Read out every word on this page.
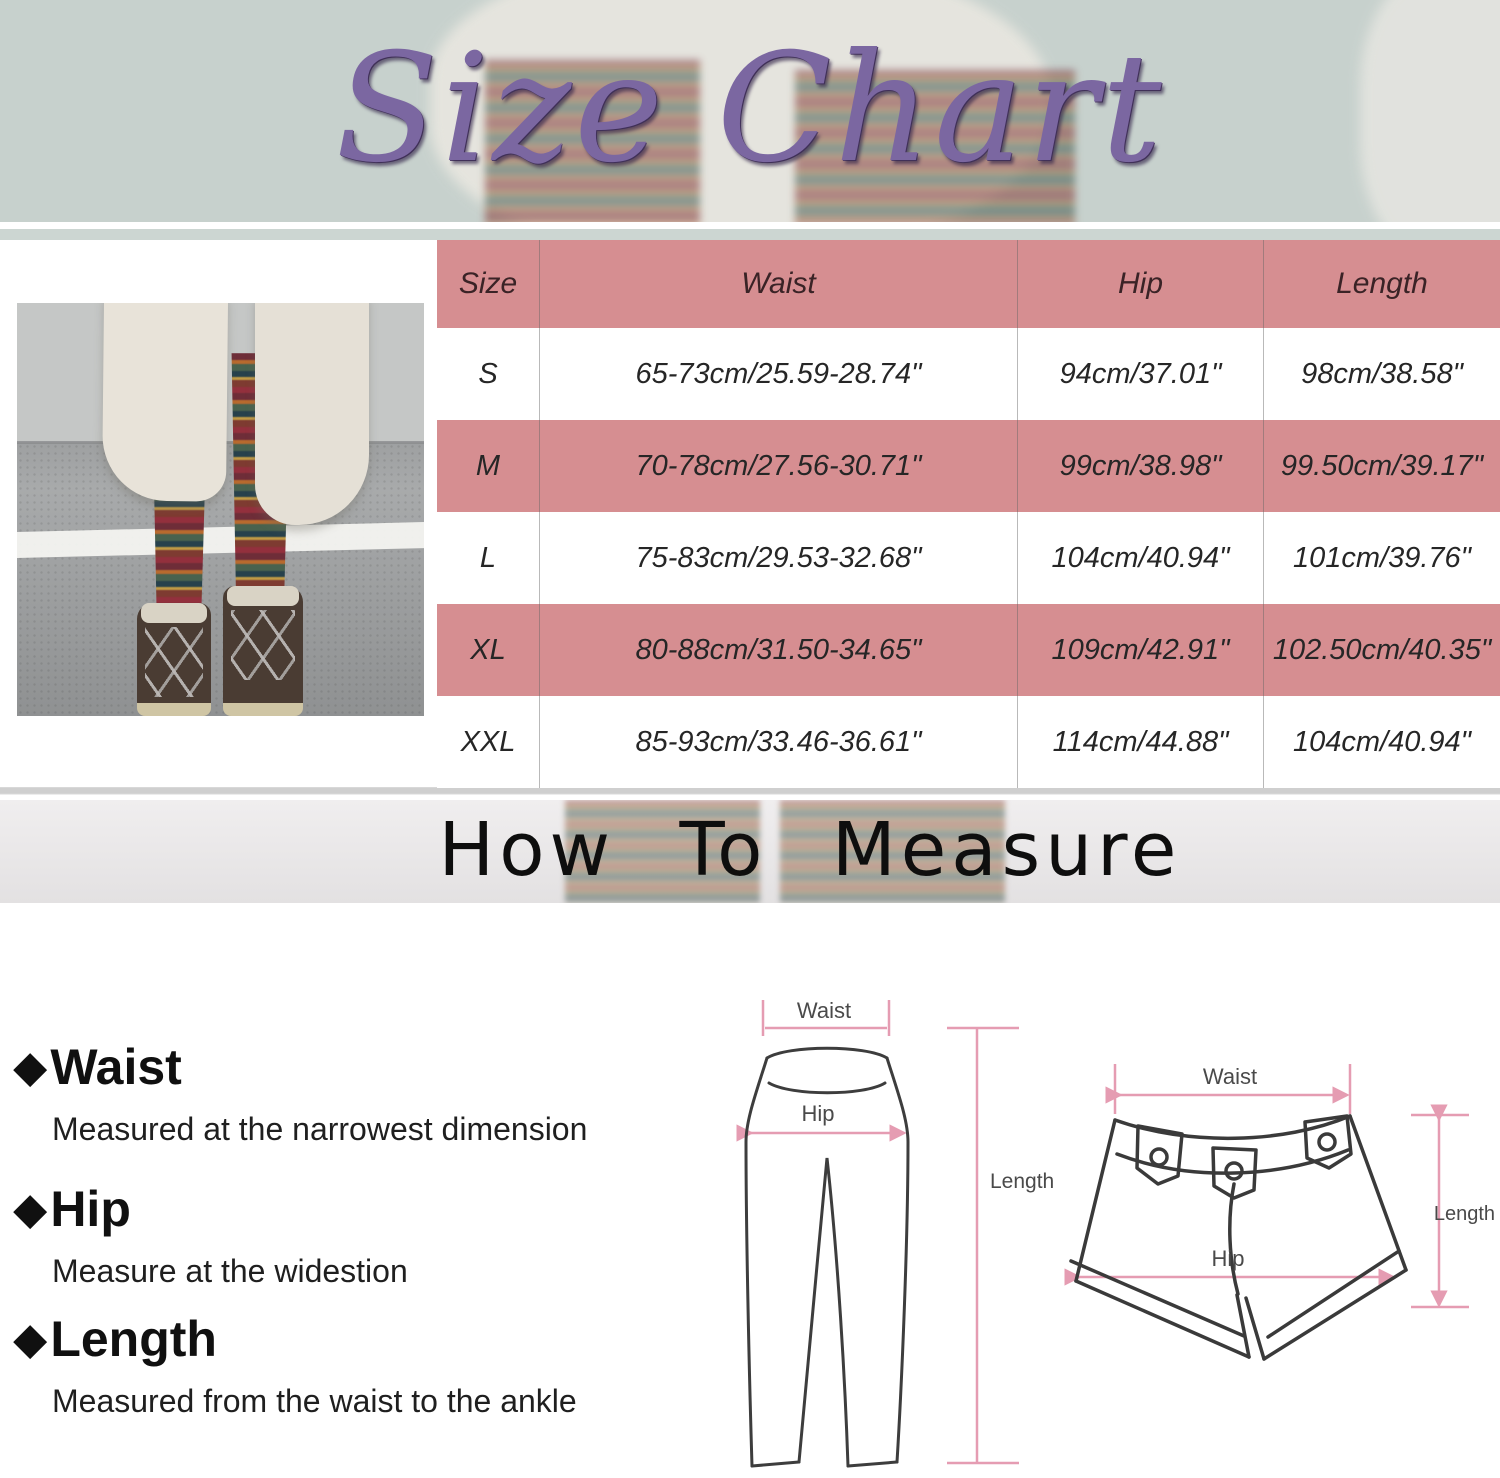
Size Chart
Size	Waist	Hip	Length
S	65-73cm/25.59-28.74"	94cm/37.01"	98cm/38.58"
M	70-78cm/27.56-30.71"	99cm/38.98"	99.50cm/39.17"
L	75-83cm/29.53-32.68"	104cm/40.94"	101cm/39.76"
XL	80-88cm/31.50-34.65"	109cm/42.91"	102.50cm/40.35"
XXL	85-93cm/33.46-36.61"	114cm/44.88"	104cm/40.94"
How To Measure
◆ Waist
Measured at the narrowest dimension
◆ Hip
Measure at the widestion
◆ Length
Measured from the waist to the ankle
Waist
Hip
Length
Waist
Hip
Length
